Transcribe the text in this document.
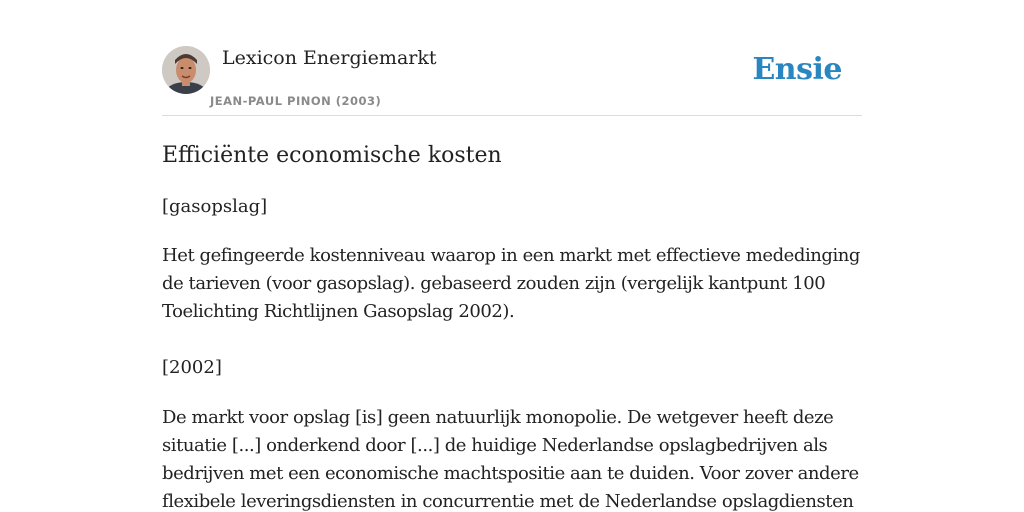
Lexicon Energiemarkt
JEAN-PAUL PINON (2003)
Ensie
Efficiënte economische kosten

[gasopslag]

Het gefingeerde kostenniveau waarop in een markt met effectieve mededinging de tarieven (voor gasopslag). gebaseerd zouden zijn (vergelijk kantpunt 100 Toelichting Richtlijnen Gasopslag 2002).

[2002]

De markt voor opslag [is] geen natuurlijk monopolie. De wetgever heeft deze situatie [...] onderkend door [...] de huidige Nederlandse opslagbedrijven als bedrijven met een economische machtspositie aan te duiden. Voor zover andere flexibele leveringsdiensten in concurrentie met de Nederlandse opslagdiensten
